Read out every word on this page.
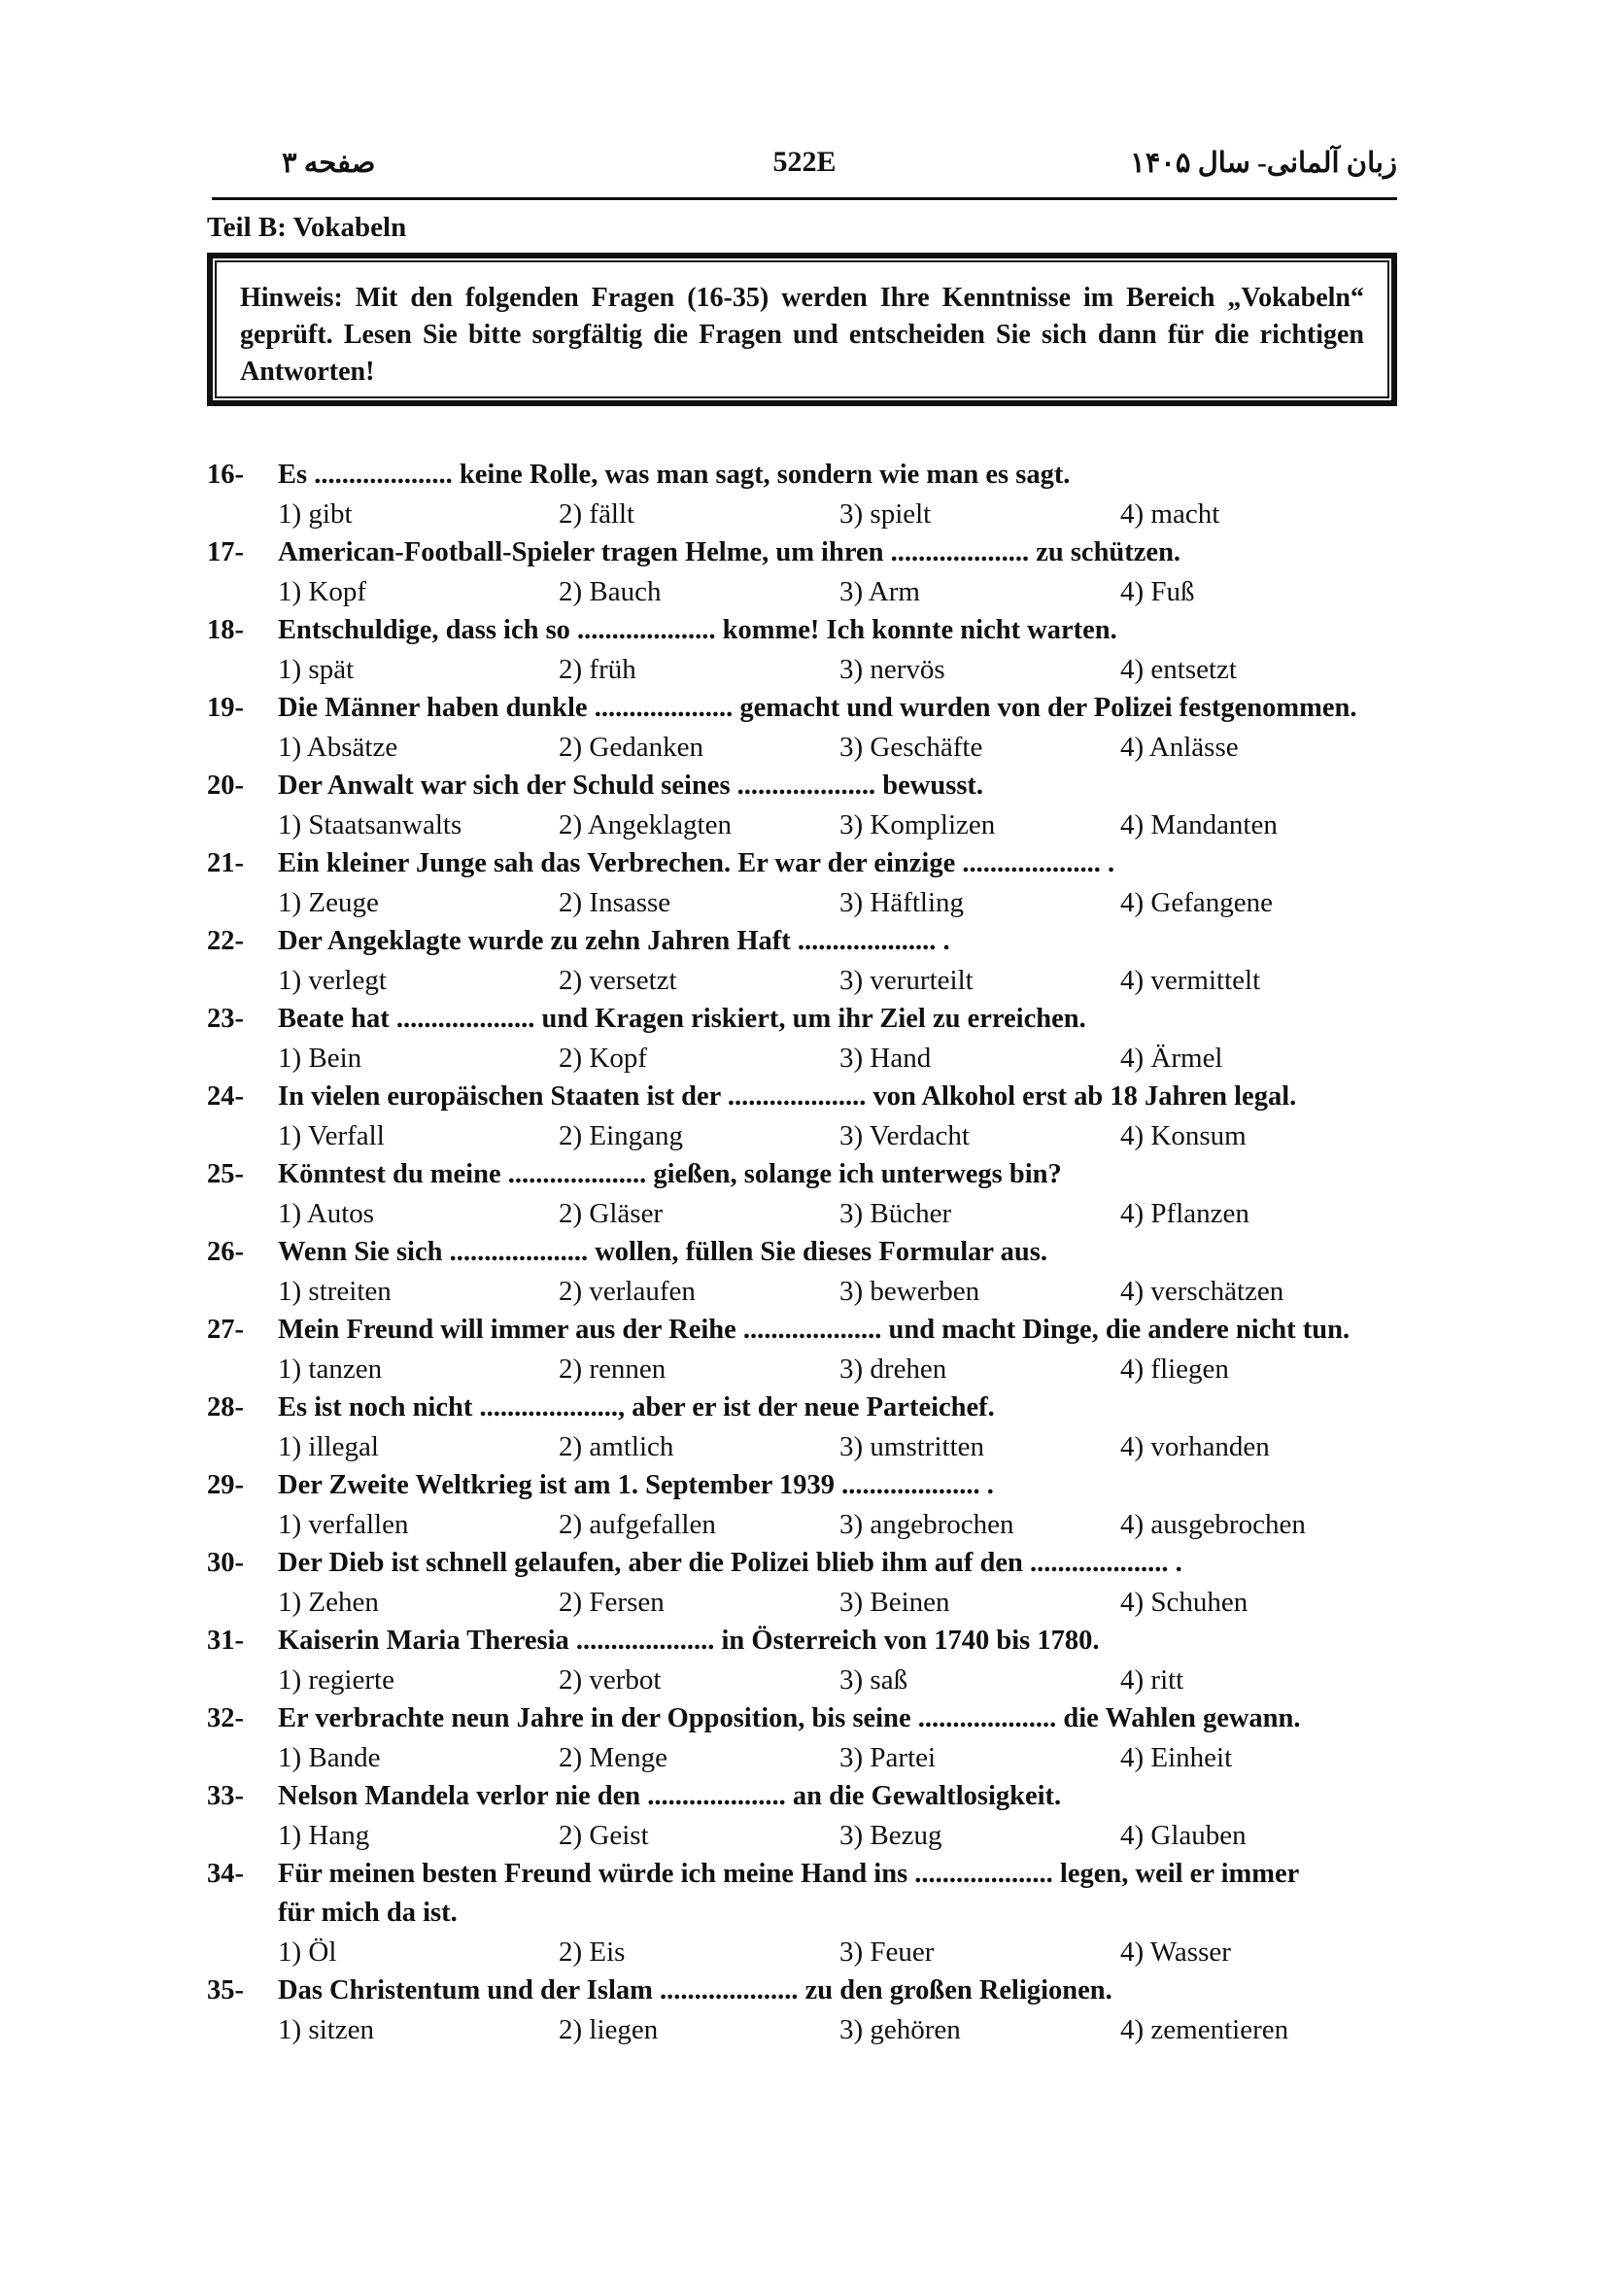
صفحه ۳	522E	زبان آلمانی- سال ۱۴۰۵
Teil B: Vokabeln
Hinweis: Mit den folgenden Fragen (16-35) werden Ihre Kenntnisse im Bereich „Vokabeln“ geprüft. Lesen Sie bitte sorgfältig die Fragen und entscheiden Sie sich dann für die richtigen Antworten!
16-	Es .................... keine Rolle, was man sagt, sondern wie man es sagt.
1) gibt	2) fällt	3) spielt	4) macht
17-	American-Football-Spieler tragen Helme, um ihren .................... zu schützen.
1) Kopf	2) Bauch	3) Arm	4) Fuß
18-	Entschuldige, dass ich so .................... komme! Ich konnte nicht warten.
1) spät	2) früh	3) nervös	4) entsetzt
19-	Die Männer haben dunkle .................... gemacht und wurden von der Polizei festgenommen.
1) Absätze	2) Gedanken	3) Geschäfte	4) Anlässe
20-	Der Anwalt war sich der Schuld seines .................... bewusst.
1) Staatsanwalts	2) Angeklagten	3) Komplizen	4) Mandanten
21-	Ein kleiner Junge sah das Verbrechen. Er war der einzige .................... .
1) Zeuge	2) Insasse	3) Häftling	4) Gefangene
22-	Der Angeklagte wurde zu zehn Jahren Haft .................... .
1) verlegt	2) versetzt	3) verurteilt	4) vermittelt
23-	Beate hat .................... und Kragen riskiert, um ihr Ziel zu erreichen.
1) Bein	2) Kopf	3) Hand	4) Ärmel
24-	In vielen europäischen Staaten ist der .................... von Alkohol erst ab 18 Jahren legal.
1) Verfall	2) Eingang	3) Verdacht	4) Konsum
25-	Könntest du meine .................... gießen, solange ich unterwegs bin?
1) Autos	2) Gläser	3) Bücher	4) Pflanzen
26-	Wenn Sie sich .................... wollen, füllen Sie dieses Formular aus.
1) streiten	2) verlaufen	3) bewerben	4) verschätzen
27-	Mein Freund will immer aus der Reihe .................... und macht Dinge, die andere nicht tun.
1) tanzen	2) rennen	3) drehen	4) fliegen
28-	Es ist noch nicht ...................., aber er ist der neue Parteichef.
1) illegal	2) amtlich	3) umstritten	4) vorhanden
29-	Der Zweite Weltkrieg ist am 1. September 1939 .................... .
1) verfallen	2) aufgefallen	3) angebrochen	4) ausgebrochen
30-	Der Dieb ist schnell gelaufen, aber die Polizei blieb ihm auf den .................... .
1) Zehen	2) Fersen	3) Beinen	4) Schuhen
31-	Kaiserin Maria Theresia .................... in Österreich von 1740 bis 1780.
1) regierte	2) verbot	3) saß	4) ritt
32-	Er verbrachte neun Jahre in der Opposition, bis seine .................... die Wahlen gewann.
1) Bande	2) Menge	3) Partei	4) Einheit
33-	Nelson Mandela verlor nie den .................... an die Gewaltlosigkeit.
1) Hang	2) Geist	3) Bezug	4) Glauben
34-	Für meinen besten Freund würde ich meine Hand ins .................... legen, weil er immer
für mich da ist.
1) Öl	2) Eis	3) Feuer	4) Wasser
35-	Das Christentum und der Islam .................... zu den großen Religionen.
1) sitzen	2) liegen	3) gehören	4) zementieren
